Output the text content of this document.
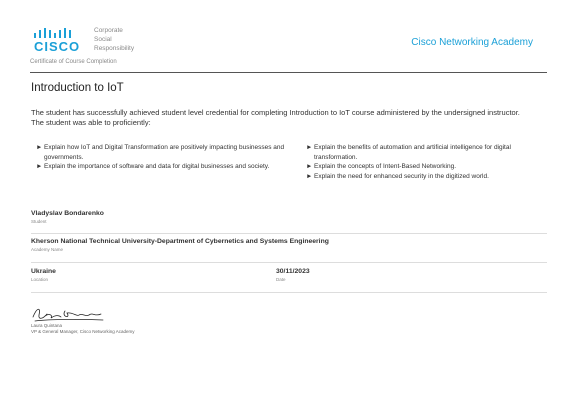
CISCO
Corporate
Social
Responsibility
Certificate of Course Completion
Cisco Networking Academy
Introduction to IoT
The student has successfully achieved student level credential for completing Introduction to IoT course administered by the undersigned instructor. The student was able to proficiently:
► Explain how IoT and Digital Transformation are positively impacting businesses and governments.
► Explain the importance of software and data for digital businesses and society.
► Explain the benefits of automation and artificial intelligence for digital transformation.
► Explain the concepts of Intent-Based Networking.
► Explain the need for enhanced security in the digitized world.
Vladyslav Bondarenko
Student
Kherson National Technical University-Department of Cybernetics and Systems Engineering
Academy Name
Ukraine
Location
30/11/2023
Date
Laura Quintana
VP & General Manager, Cisco Networking Academy
